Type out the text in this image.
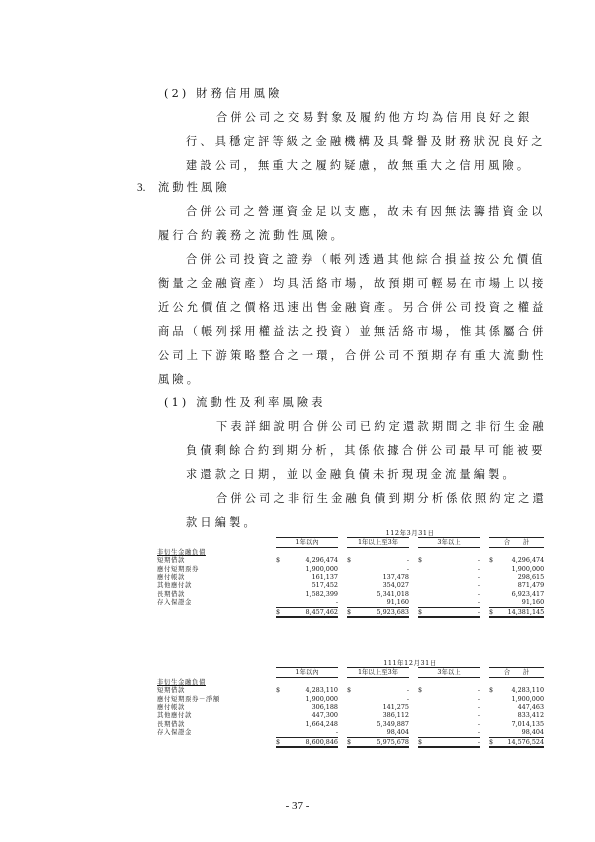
(2) 財務信用風險
合併公司之交易對象及履約他方均為信用良好之銀
行、具穩定評等級之金融機構及具聲譽及財務狀況良好之
建設公司，無重大之履約疑慮，故無重大之信用風險。
3. 流動性風險
合併公司之營運資金足以支應，故未有因無法籌措資金以
履行合約義務之流動性風險。
合併公司投資之證券（帳列透過其他綜合損益按公允價值
衡量之金融資產）均具活絡市場，故預期可輕易在市場上以接
近公允價值之價格迅速出售金融資產。另合併公司投資之權益
商品（帳列採用權益法之投資）並無活絡市場，惟其係屬合併
公司上下游策略整合之一環，合併公司不預期存有重大流動性
風險。
(1) 流動性及利率風險表
下表詳細說明合併公司已約定還款期間之非衍生金融
負債剩餘合約到期分析，其係依據合併公司最早可能被要
求還款之日期，並以金融負債未折現現金流量編製。
合併公司之非衍生金融負債到期分析係依照約定之還
款日編製。
	112年3月31日										
	1年以內			1年以上至3年			3年以上			合　　計	
非衍生金融負債											
短期借款	$	4,296,474		$	-		$	-		$	4,296,474
應付短期票券		1,900,000			-			-			1,900,000
應付帳款		161,137			137,478			-			298,615
其他應付款		517,452			354,027			-			871,479
長期借款		1,582,399			5,341,018			-			6,923,417
存入保證金		-			91,160			-			91,160
	$	8,457,462		$	5,923,683		$	-		$	14,381,145
	111年12月31日										
	1年以內			1年以上至3年			3年以上			合　　計	
非衍生金融負債											
短期借款	$	4,283,110		$	-		$	-		$	4,283,110
應付短期票券－淨額		1,900,000			-			-			1,900,000
應付帳款		306,188			141,275			-			447,463
其他應付款		447,300			386,112			-			833,412
長期借款		1,664,248			5,349,887			-			7,014,135
存入保證金		-			98,404			-			98,404
	$	8,600,846		$	5,975,678		$	-		$	14,576,524
- 37 -
